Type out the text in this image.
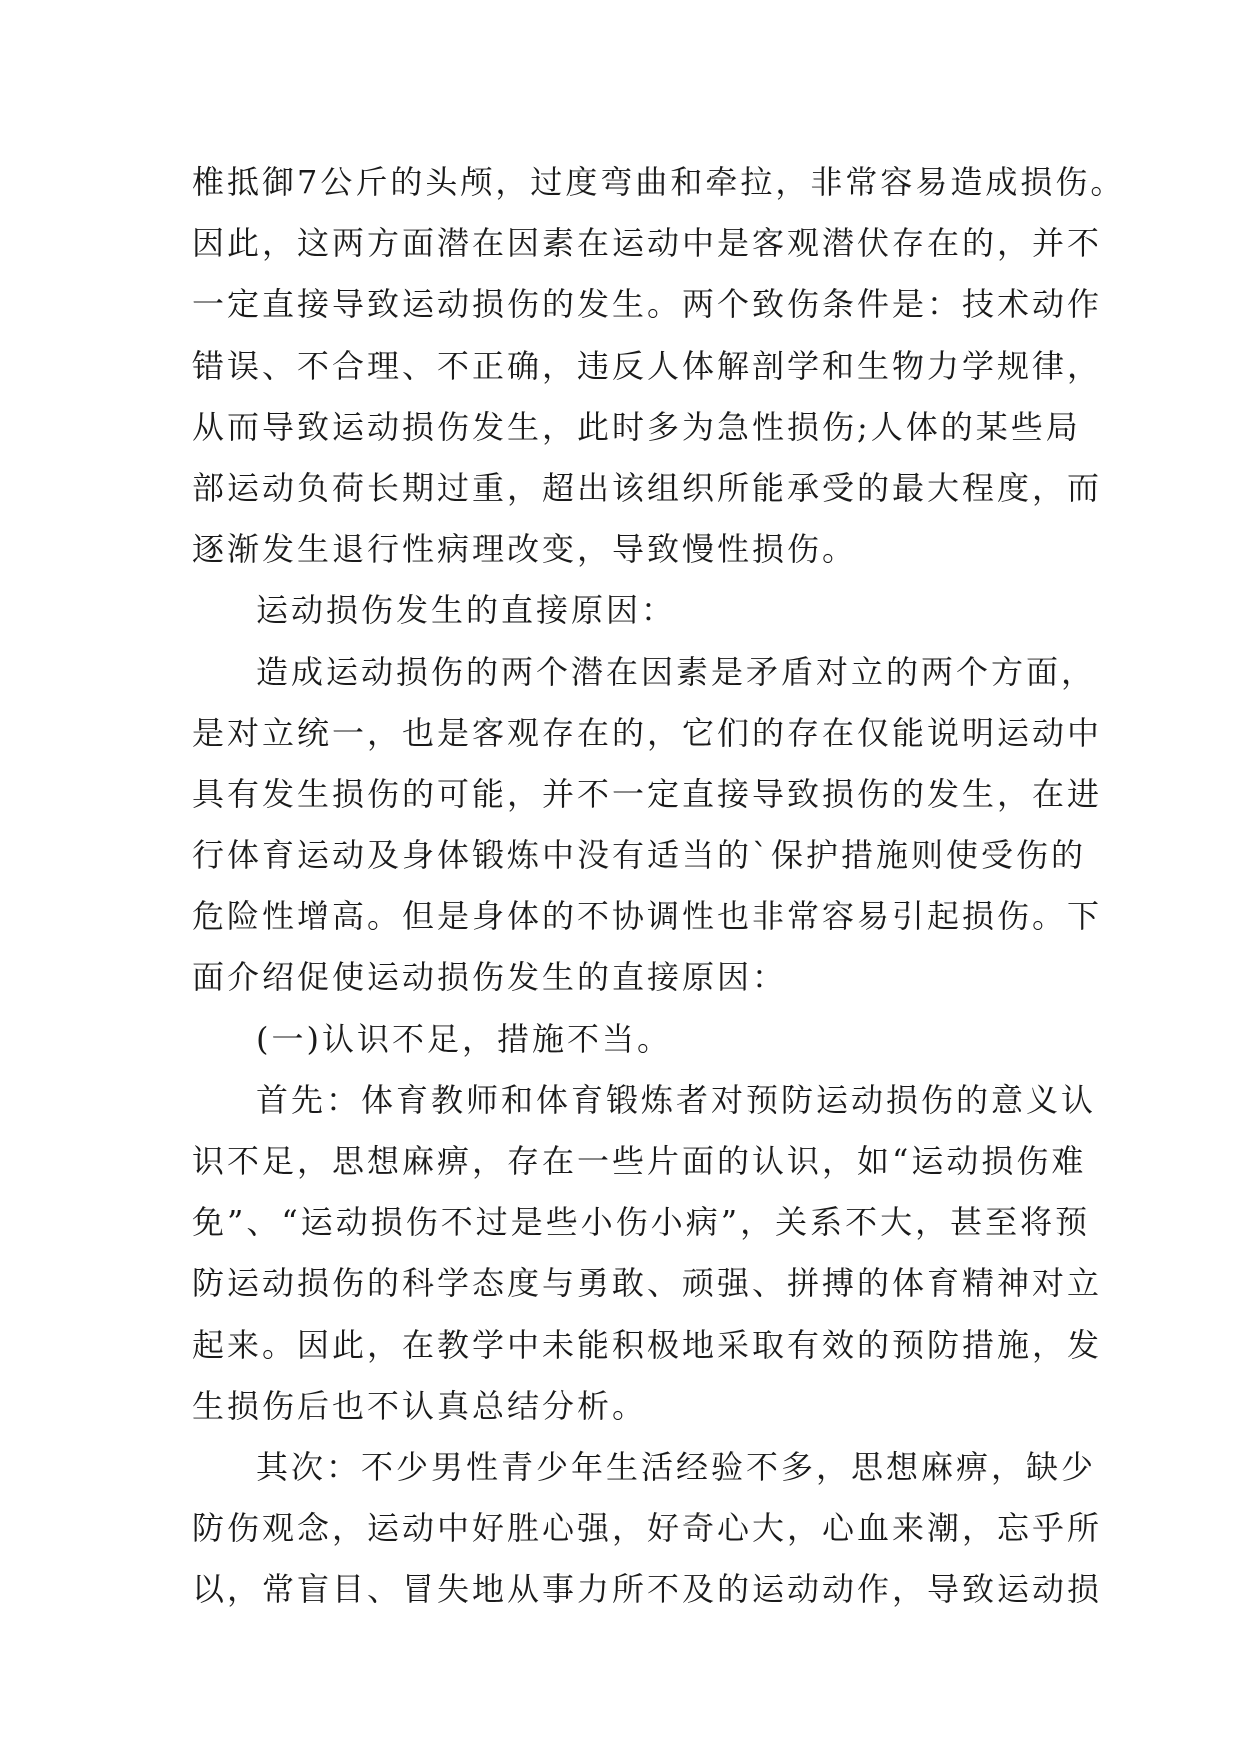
椎抵御7公斤的头颅，过度弯曲和牵拉，非常容易造成损伤。
因此，这两方面潜在因素在运动中是客观潜伏存在的，并不
一定直接导致运动损伤的发生。两个致伤条件是：技术动作
错误、不合理、不正确，违反人体解剖学和生物力学规律，
从而导致运动损伤发生，此时多为急性损伤;人体的某些局
部运动负荷长期过重，超出该组织所能承受的最大程度，而
逐渐发生退行性病理改变，导致慢性损伤。
运动损伤发生的直接原因：
造成运动损伤的两个潜在因素是矛盾对立的两个方面，
是对立统一，也是客观存在的，它们的存在仅能说明运动中
具有发生损伤的可能，并不一定直接导致损伤的发生，在进
行体育运动及身体锻炼中没有适当的`保护措施则使受伤的
危险性增高。但是身体的不协调性也非常容易引起损伤。下
面介绍促使运动损伤发生的直接原因：
(一)认识不足，措施不当。
首先：体育教师和体育锻炼者对预防运动损伤的意义认
识不足，思想麻痹，存在一些片面的认识，如“运动损伤难
免”、“运动损伤不过是些小伤小病”，关系不大，甚至将预
防运动损伤的科学态度与勇敢、顽强、拼搏的体育精神对立
起来。因此，在教学中未能积极地采取有效的预防措施，发
生损伤后也不认真总结分析。
其次：不少男性青少年生活经验不多，思想麻痹，缺少
防伤观念，运动中好胜心强，好奇心大，心血来潮，忘乎所
以，常盲目、冒失地从事力所不及的运动动作，导致运动损
